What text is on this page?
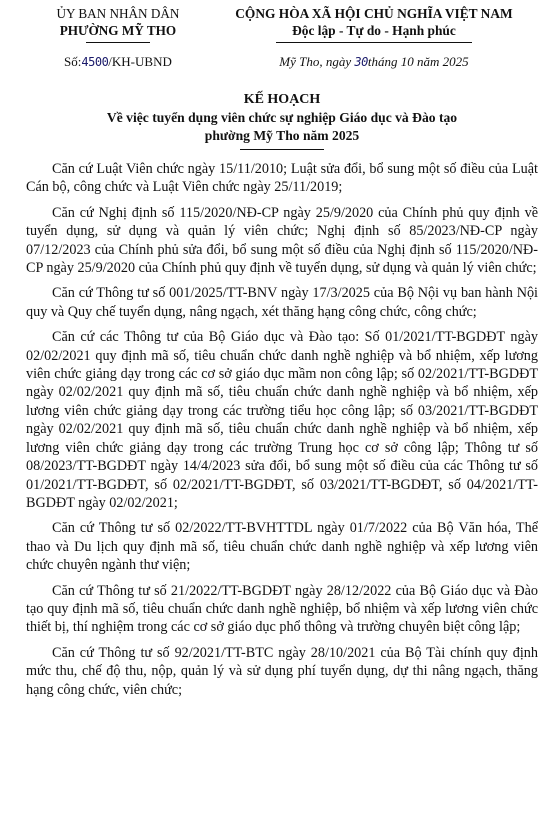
ỦY BAN NHÂN DÂN
PHƯỜNG MỸ THO
CỘNG HÒA XÃ HỘI CHỦ NGHĨA VIỆT NAM
Độc lập - Tự do - Hạnh phúc
Số:4500/KH-UBND	Mỹ Tho, ngày 30tháng 10 năm 2025
KẾ HOẠCH
Về việc tuyển dụng viên chức sự nghiệp Giáo dục và Đào tạo
phường Mỹ Tho năm 2025

Căn cứ Luật Viên chức ngày 15/11/2010; Luật sửa đổi, bổ sung một số điều của Luật Cán bộ, công chức và Luật Viên chức ngày 25/11/2019;

Căn cứ Nghị định số 115/2020/NĐ-CP ngày 25/9/2020 của Chính phủ quy định về tuyển dụng, sử dụng và quản lý viên chức; Nghị định số 85/2023/NĐ-CP ngày 07/12/2023 của Chính phủ sửa đổi, bổ sung một số điều của Nghị định số 115/2020/NĐ-CP ngày 25/9/2020 của Chính phủ quy định về tuyển dụng, sử dụng và quản lý viên chức;

Căn cứ Thông tư số 001/2025/TT-BNV ngày 17/3/2025 của Bộ Nội vụ ban hành Nội quy và Quy chế tuyển dụng, nâng ngạch, xét thăng hạng công chức, công chức;

Căn cứ các Thông tư của Bộ Giáo dục và Đào tạo: Số 01/2021/TT-BGDĐT ngày 02/02/2021 quy định mã số, tiêu chuẩn chức danh nghề nghiệp và bổ nhiệm, xếp lương viên chức giảng dạy trong các cơ sở giáo dục mầm non công lập; số 02/2021/TT-BGDĐT ngày 02/02/2021 quy định mã số, tiêu chuẩn chức danh nghề nghiệp và bổ nhiệm, xếp lương viên chức giảng dạy trong các trường tiểu học công lập; số 03/2021/TT-BGDĐT ngày 02/02/2021 quy định mã số, tiêu chuẩn chức danh nghề nghiệp và bổ nhiệm, xếp lương viên chức giảng dạy trong các trường Trung học cơ sở công lập; Thông tư số 08/2023/TT-BGDĐT ngày 14/4/2023 sửa đổi, bổ sung một số điều của các Thông tư số 01/2021/TT-BGDĐT, số 02/2021/TT-BGDĐT, số 03/2021/TT-BGDĐT, số 04/2021/TT-BGDĐT ngày 02/02/2021;

Căn cứ Thông tư số 02/2022/TT-BVHTTDL ngày 01/7/2022 của Bộ Văn hóa, Thể thao và Du lịch quy định mã số, tiêu chuẩn chức danh nghề nghiệp và xếp lương viên chức chuyên ngành thư viện;

Căn cứ Thông tư số 21/2022/TT-BGDĐT ngày 28/12/2022 của Bộ Giáo dục và Đào tạo quy định mã số, tiêu chuẩn chức danh nghề nghiệp, bổ nhiệm và xếp lương viên chức thiết bị, thí nghiệm trong các cơ sở giáo dục phổ thông và trường chuyên biệt công lập;

Căn cứ Thông tư số 92/2021/TT-BTC ngày 28/10/2021 của Bộ Tài chính quy định mức thu, chế độ thu, nộp, quản lý và sử dụng phí tuyển dụng, dự thi nâng ngạch, thăng hạng công chức, viên chức;
